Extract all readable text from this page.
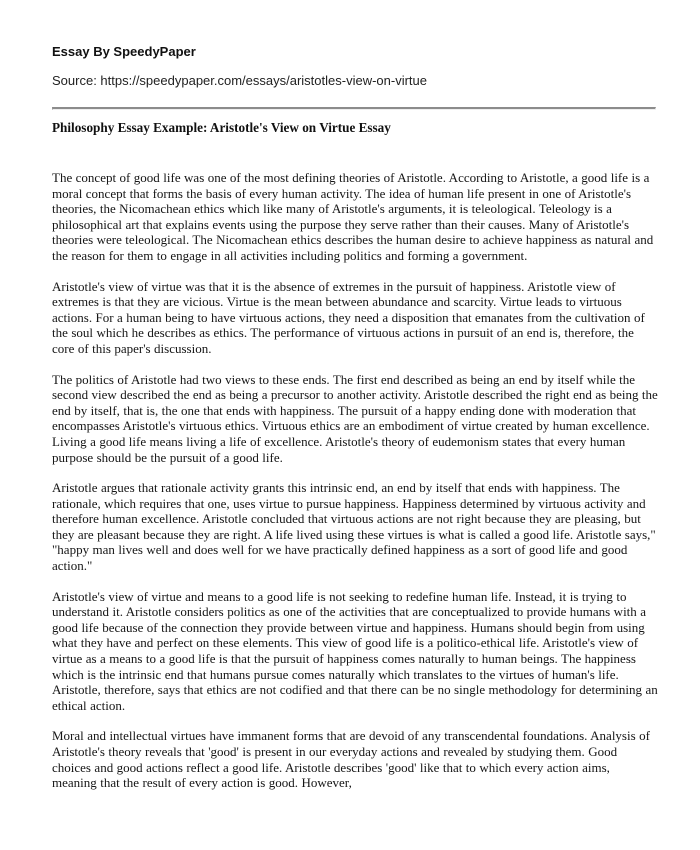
Essay By SpeedyPaper
Source: https://speedypaper.com/essays/aristotles-view-on-virtue
Philosophy Essay Example: Aristotle's View on Virtue Essay

The concept of good life was one of the most defining theories of Aristotle. According to Aristotle, a good life is a moral concept that forms the basis of every human activity. The idea of human life present in one of Aristotle's theories, the Nicomachean ethics which like many of Aristotle's arguments, it is teleological. Teleology is a philosophical art that explains events using the purpose they serve rather than their causes. Many of Aristotle's theories were teleological. The Nicomachean ethics describes the human desire to achieve happiness as natural and the reason for them to engage in all activities including politics and forming a government.

Aristotle's view of virtue was that it is the absence of extremes in the pursuit of happiness. Aristotle view of extremes is that they are vicious. Virtue is the mean between abundance and scarcity. Virtue leads to virtuous actions. For a human being to have virtuous actions, they need a disposition that emanates from the cultivation of the soul which he describes as ethics. The performance of virtuous actions in pursuit of an end is, therefore, the core of this paper's discussion.

The politics of Aristotle had two views to these ends. The first end described as being an end by itself while the second view described the end as being a precursor to another activity. Aristotle described the right end as being the end by itself, that is, the one that ends with happiness. The pursuit of a happy ending done with moderation that encompasses Aristotle's virtuous ethics. Virtuous ethics are an embodiment of virtue created by human excellence. Living a good life means living a life of excellence. Aristotle's theory of eudemonism states that every human purpose should be the pursuit of a good life.

Aristotle argues that rationale activity grants this intrinsic end, an end by itself that ends with happiness. The rationale, which requires that one, uses virtue to pursue happiness. Happiness determined by virtuous activity and therefore human excellence. Aristotle concluded that virtuous actions are not right because they are pleasing, but they are pleasant because they are right. A life lived using these virtues is what is called a good life. Aristotle says," "happy man lives well and does well for we have practically defined happiness as a sort of good life and good action."

Aristotle's view of virtue and means to a good life is not seeking to redefine human life. Instead, it is trying to understand it. Aristotle considers politics as one of the activities that are conceptualized to provide humans with a good life because of the connection they provide between virtue and happiness. Humans should begin from using what they have and perfect on these elements. This view of good life is a politico-ethical life. Aristotle's view of virtue as a means to a good life is that the pursuit of happiness comes naturally to human beings. The happiness which is the intrinsic end that humans pursue comes naturally which translates to the virtues of human's life. Aristotle, therefore, says that ethics are not codified and that there can be no single methodology for determining an ethical action.

Moral and intellectual virtues have immanent forms that are devoid of any transcendental foundations. Analysis of Aristotle's theory reveals that 'good' is present in our everyday actions and revealed by studying them. Good choices and good actions reflect a good life. Aristotle describes 'good' like that to which every action aims, meaning that the result of every action is good. However,
